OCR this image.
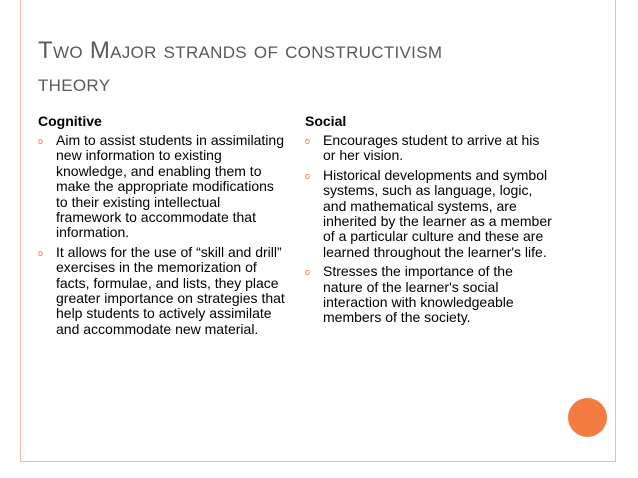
Two Major strands of constructivism
theory
Cognitive
o Aim to assist students in assimilating new information to existing knowledge, and enabling them to make the appropriate modifications to their existing intellectual framework to accommodate that information.
o It allows for the use of “skill and drill” exercises in the memorization of facts, formulae, and lists, they place greater importance on strategies that help students to actively assimilate and accommodate new material.
Social
o Encourages student to arrive at his or her vision.
o Historical developments and symbol systems, such as language, logic, and mathematical systems, are inherited by the learner as a member of a particular culture and these are learned throughout the learner's life.
o Stresses the importance of the nature of the learner's social interaction with knowledgeable members of the society.
